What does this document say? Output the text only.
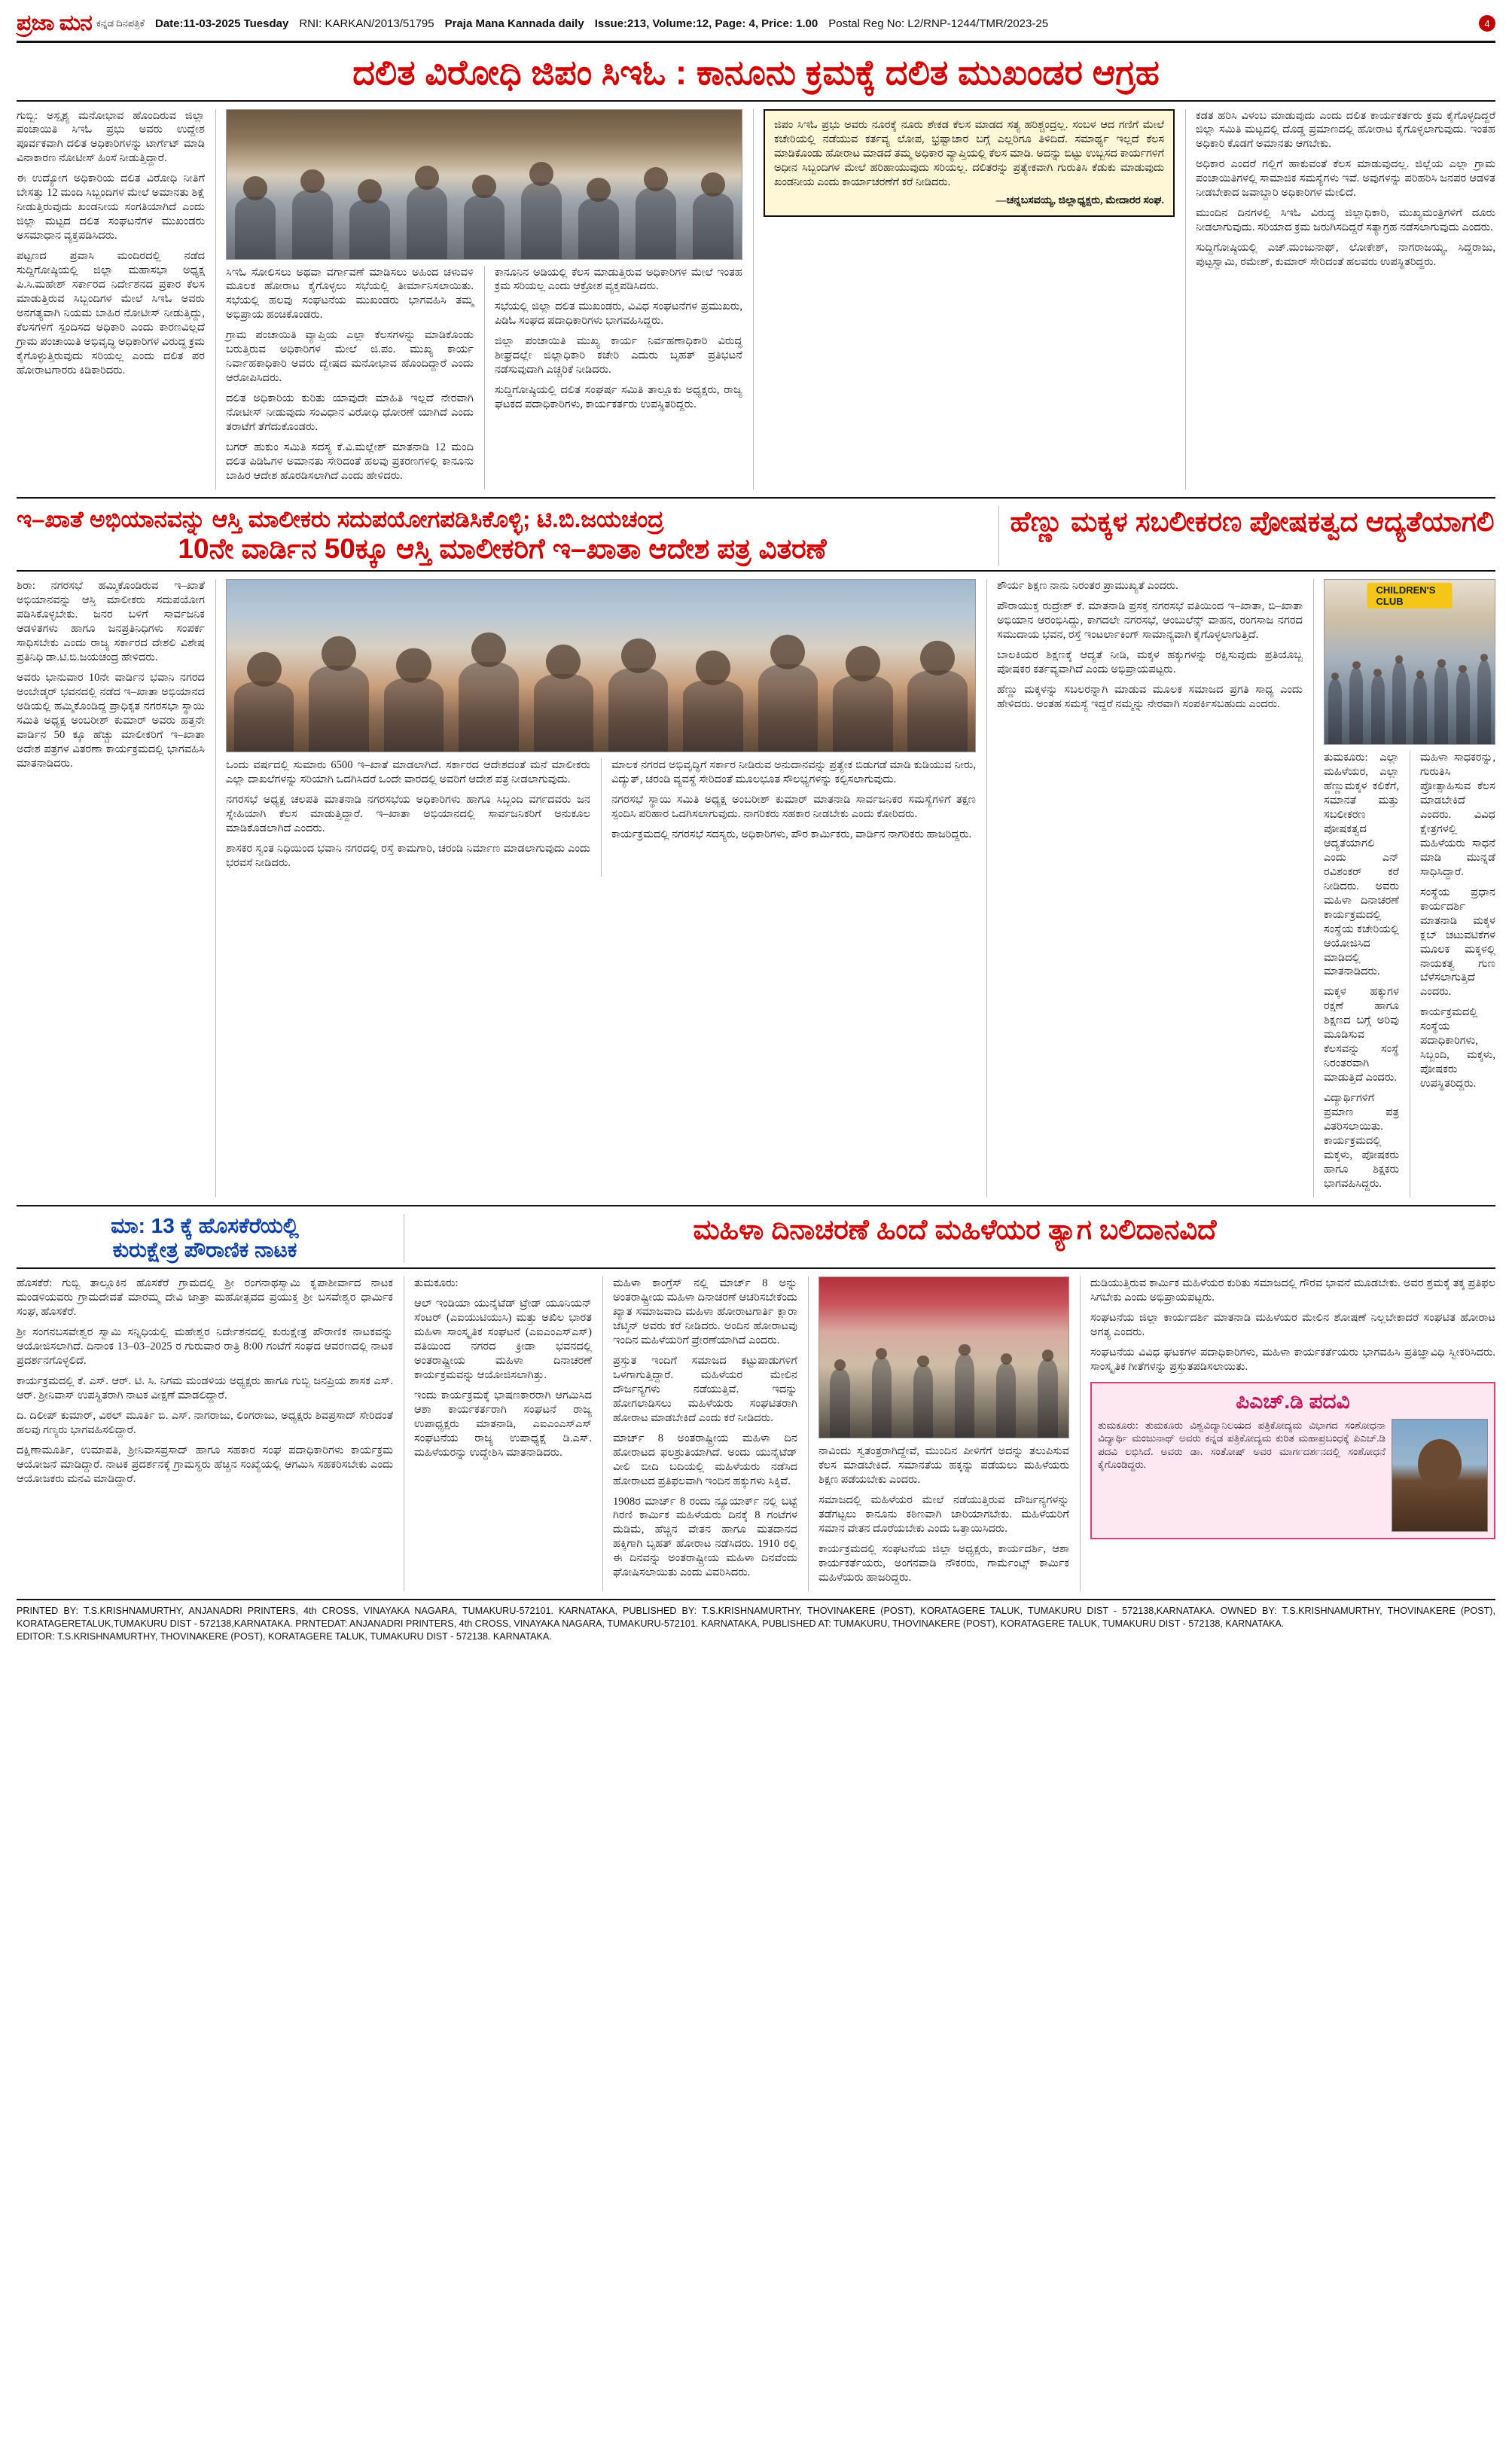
ಪ್ರಜಾ ಮನ ಕನ್ನಡ ದಿನಪತ್ರಿಕೆ Date:11-03-2025 Tuesday RNI: KARKAN/2013/51795 Praja Mana Kannada daily Issue:213, Volume:12, Page: 4, Price: 1.00 Postal Reg No: L2/RNP-1244/TMR/2023-25	4
ದಲಿತ ವಿರೋಧಿ ಜಿಪಂ ಸಿಇಓ : ಕಾನೂನು ಕ್ರಮಕ್ಕೆ ದಲಿತ ಮುಖಂಡರ ಆಗ್ರಹ

ಗುಬ್ಬಿ: ಅಸ್ಪೃಶ್ಯ ಮನೋಭಾವ ಹೊಂದಿರುವ ಜಿಲ್ಲಾ ಪಂಚಾಯಿತಿ ಸಿಇಓ ಪ್ರಭು ಅವರು ಉದ್ದೇಶ ಪೂರ್ವಕವಾಗಿ ದಲಿತ ಅಧಿಕಾರಿಗಳನ್ನು ಟಾರ್ಗೆಟ್ ಮಾಡಿ ವಿನಾಕಾರಣ ನೋಟೀಸ್ ಹಿಂಸೆ ನೀಡುತ್ತಿದ್ದಾರೆ.

ಈ ಉದ್ಯೋಗ ಅಧಿಕಾರಿಯ ದಲಿತ ವಿರೋಧಿ ನೀತಿಗೆ ಬೇಸತ್ತು 12 ಮಂದಿ ಸಿಬ್ಬಂದಿಗಳ ಮೇಲೆ ಅಮಾನತು ಶಿಕ್ಷೆ ನೀಡುತ್ತಿರುವುದು ಖಂಡನೀಯ ಸಂಗತಿಯಾಗಿದೆ ಎಂದು ಜಿಲ್ಲಾ ಮಟ್ಟದ ದಲಿತ ಸಂಘಟನೆಗಳ ಮುಖಂಡರು ಅಸಮಾಧಾನ ವ್ಯಕ್ತಪಡಿಸಿದರು.

ಪಟ್ಟಣದ ಪ್ರವಾಸಿ ಮಂದಿರದಲ್ಲಿ ನಡೆದ ಸುದ್ದಿಗೋಷ್ಠಿಯಲ್ಲಿ ಜಿಲ್ಲಾ ಮಹಾಸಭಾ ಅಧ್ಯಕ್ಷ ಪಿ.ಸಿ.ಮಹೇಶ್ ಸರ್ಕಾರದ ನಿರ್ದೇಶನದ ಪ್ರಕಾರ ಕೆಲಸ ಮಾಡುತ್ತಿರುವ ಸಿಬ್ಬಂದಿಗಳ ಮೇಲೆ ಸಿಇಓ ಅವರು ಅನಗತ್ಯವಾಗಿ ನಿಯಮ ಬಾಹಿರ ನೋಟೀಸ್ ನೀಡುತ್ತಿದ್ದು, ಕೆಲಸಗಳಿಗೆ ಸ್ಪಂದಿಸದ ಅಧಿಕಾರಿ ಎಂದು ಕಾರಣವಿಲ್ಲದೆ ಗ್ರಾಮ ಪಂಚಾಯಿತಿ ಅಭಿವೃದ್ಧಿ ಅಧಿಕಾರಿಗಳ ವಿರುದ್ಧ ಕ್ರಮ ಕೈಗೊಳ್ಳುತ್ತಿರುವುದು ಸರಿಯಲ್ಲ ಎಂದು ದಲಿತ ಪರ ಹೋರಾಟಗಾರರು ಕಿಡಿಕಾರಿದರು.

ಸಿಇಓ ಸೋಲಿಸಲು ಅಥವಾ ವರ್ಗಾವಣೆ ಮಾಡಿಸಲು ಅಹಿಂದ ಚಳುವಳಿ ಮೂಲಕ ಹೋರಾಟ ಕೈಗೊಳ್ಳಲು ಸಭೆಯಲ್ಲಿ ತೀರ್ಮಾನಿಸಲಾಯಿತು. ಸಭೆಯಲ್ಲಿ ಹಲವು ಸಂಘಟನೆಯ ಮುಖಂಡರು ಭಾಗವಹಿಸಿ ತಮ್ಮ ಅಭಿಪ್ರಾಯ ಹಂಚಿಕೊಂಡರು.

ಗ್ರಾಮ ಪಂಚಾಯಿತಿ ವ್ಯಾಪ್ತಿಯ ಎಲ್ಲಾ ಕೆಲಸಗಳನ್ನು ಮಾಡಿಕೊಂಡು ಬರುತ್ತಿರುವ ಅಧಿಕಾರಿಗಳ ಮೇಲೆ ಜಿ.ಪಂ. ಮುಖ್ಯ ಕಾರ್ಯ ನಿರ್ವಾಹಕಾಧಿಕಾರಿ ಅವರು ದ್ವೇಷದ ಮನೋಭಾವ ಹೊಂದಿದ್ದಾರೆ ಎಂದು ಆರೋಪಿಸಿದರು.

ದಲಿತ ಅಧಿಕಾರಿಯ ಕುರಿತು ಯಾವುದೇ ಮಾಹಿತಿ ಇಲ್ಲದೆ ನೇರವಾಗಿ ನೋಟೀಸ್ ನೀಡುವುದು ಸಂವಿಧಾನ ವಿರೋಧಿ ಧೋರಣೆ ಯಾಗಿದೆ ಎಂದು ತರಾಟೆಗೆ ತೆಗೆದುಕೊಂಡರು.

ಬಗರ್ ಹುಕುಂ ಸಮಿತಿ ಸದಸ್ಯ ಕೆ.ವಿ.ಮಲ್ಲೇಶ್ ಮಾತನಾಡಿ 12 ಮಂದಿ ದಲಿತ ಪಿಡಿಓಗಳ ಅಮಾನತು ಸೇರಿದಂತೆ ಹಲವು ಪ್ರಕರಣಗಳಲ್ಲಿ ಕಾನೂನು ಬಾಹಿರ ಆದೇಶ ಹೊರಡಿಸಲಾಗಿದೆ ಎಂದು ಹೇಳಿದರು.

ಕಾನೂನಿನ ಅಡಿಯಲ್ಲಿ ಕೆಲಸ ಮಾಡುತ್ತಿರುವ ಅಧಿಕಾರಿಗಳ ಮೇಲೆ ಇಂತಹ ಕ್ರಮ ಸರಿಯಲ್ಲ ಎಂದು ಆಕ್ರೋಶ ವ್ಯಕ್ತಪಡಿಸಿದರು.

ಸಭೆಯಲ್ಲಿ ಜಿಲ್ಲಾ ದಲಿತ ಮುಖಂಡರು, ವಿವಿಧ ಸಂಘಟನೆಗಳ ಪ್ರಮುಖರು, ಪಿಡಿಓ ಸಂಘದ ಪದಾಧಿಕಾರಿಗಳು ಭಾಗವಹಿಸಿದ್ದರು.

ಜಿಲ್ಲಾ ಪಂಚಾಯಿತಿ ಮುಖ್ಯ ಕಾರ್ಯ ನಿರ್ವಹಣಾಧಿಕಾರಿ ವಿರುದ್ಧ ಶೀಘ್ರದಲ್ಲೇ ಜಿಲ್ಲಾಧಿಕಾರಿ ಕಚೇರಿ ಎದುರು ಬೃಹತ್ ಪ್ರತಿಭಟನೆ ನಡೆಸುವುದಾಗಿ ಎಚ್ಚರಿಕೆ ನೀಡಿದರು.

ಸುದ್ದಿಗೋಷ್ಠಿಯಲ್ಲಿ ದಲಿತ ಸಂಘರ್ಷ ಸಮಿತಿ ತಾಲ್ಲೂಕು ಅಧ್ಯಕ್ಷರು, ರಾಜ್ಯ ಘಟಕದ ಪದಾಧಿಕಾರಿಗಳು, ಕಾರ್ಯಕರ್ತರು ಉಪಸ್ಥಿತರಿದ್ದರು.

ಜಿಪಂ ಸಿಇಓ ಪ್ರಭು ಅವರು ನೂರಕ್ಕೆ ನೂರು ಶೇಕಡ ಕೆಲಸ ಮಾಡದ ಸತ್ಯ ಹರಿಶ್ಚಂದ್ರಲ್ಲ. ಸಂಬಳ ಆದ ಗಣಿಗೆ ಮೇಲೆ ಕಚೇರಿಯಲ್ಲಿ ನಡೆಯುವ ಕರ್ತವ್ಯ ಲೋಪ, ಭ್ರಷ್ಟಾಚಾರ ಬಗ್ಗೆ ಎಲ್ಲರಿಗೂ ತಿಳಿದಿದೆ. ಸಮಾರ್ಥ್ಯ ಇಲ್ಲದೆ ಕೆಲಸ ಮಾಡಿಕೊಂಡು ಹೋರಾಟ ಮಾಡದೆ ತಮ್ಮ ಅಧಿಕಾರ ವ್ಯಾಪ್ತಿಯಲ್ಲಿ ಕೆಲಸ ಮಾಡಿ. ಅದನ್ನು ಬಿಟ್ಟು ಉಬ್ಬಸದ ಕಾರ್ಯಗಳಿಗೆ ಅಧೀನ ಸಿಬ್ಬಂದಿಗಳ ಮೇಲೆ ಹರಿಹಾಯುವುದು ಸರಿಯಲ್ಲ. ದಲಿತರನ್ನು ಪ್ರತ್ಯೇಕವಾಗಿ ಗುರುತಿಸಿ ಕೆಡುಕು ಮಾಡುವುದು ಖಂಡನೀಯ ಎಂದು ಕಾರ್ಯಾಚರಣೆಗೆ ಕರೆ ನೀಡಿದರು.
—ಚನ್ನಬಸವಯ್ಯ, ಜಿಲ್ಲಾಧ್ಯಕ್ಷರು, ಮೇದಾರರ ಸಂಘ.

ಕಡತ ಹರಿಸಿ ವಿಳಂಬ ಮಾಡುವುದು ಎಂದು ದಲಿತ ಕಾರ್ಯಕರ್ತರು ಕ್ರಮ ಕೈಗೊಳ್ಳದಿದ್ದರೆ ಜಿಲ್ಲಾ ಸಮಿತಿ ಮಟ್ಟದಲ್ಲಿ ದೊಡ್ಡ ಪ್ರಮಾಣದಲ್ಲಿ ಹೋರಾಟ ಕೈಗೊಳ್ಳಲಾಗುವುದು. ಇಂತಹ ಅಧಿಕಾರಿ ಕೊಡಗೆ ಅಮಾನತು ಆಗಬೇಕು.

ಅಧಿಕಾರ ಎಂದರೆ ಗಲ್ಲಿಗೆ ಹಾಕುವಂತೆ ಕೆಲಸ ಮಾಡುವುದಲ್ಲ. ಜಿಲ್ಲೆಯ ಎಲ್ಲಾ ಗ್ರಾಮ ಪಂಚಾಯಿತಿಗಳಲ್ಲಿ ಸಾಮಾಜಿಕ ಸಮಸ್ಯೆಗಳು ಇವೆ. ಅವುಗಳನ್ನು ಪರಿಹರಿಸಿ ಜನಪರ ಆಡಳಿತ ನೀಡಬೇಕಾದ ಜವಾಬ್ದಾರಿ ಅಧಿಕಾರಿಗಳ ಮೇಲಿದೆ.

ಮುಂದಿನ ದಿನಗಳಲ್ಲಿ ಸಿಇಓ ವಿರುದ್ಧ ಜಿಲ್ಲಾಧಿಕಾರಿ, ಮುಖ್ಯಮಂತ್ರಿಗಳಿಗೆ ದೂರು ನೀಡಲಾಗುವುದು. ಸರಿಯಾದ ಕ್ರಮ ಜರುಗಿಸದಿದ್ದರೆ ಸತ್ಯಾಗ್ರಹ ನಡೆಸಲಾಗುವುದು ಎಂದರು.

ಸುದ್ದಿಗೋಷ್ಠಿಯಲ್ಲಿ ಎಚ್.ಮಂಜುನಾಥ್, ಲೋಕೇಶ್, ನಾಗರಾಜಯ್ಯ, ಸಿದ್ದರಾಜು, ಪುಟ್ಟಸ್ವಾಮಿ, ರಮೇಶ್, ಕುಮಾರ್ ಸೇರಿದಂತೆ ಹಲವರು ಉಪಸ್ಥಿತರಿದ್ದರು.

ಇ–ಖಾತೆ ಅಭಿಯಾನವನ್ನು ಆಸ್ತಿ ಮಾಲೀಕರು ಸದುಪಯೋಗಪಡಿಸಿಕೊಳ್ಳಿ; ಟಿ.ಬಿ.ಜಯಚಂದ್ರ
10ನೇ ವಾರ್ಡಿನ 50ಕ್ಕೂ ಆಸ್ತಿ ಮಾಲೀಕರಿಗೆ ಇ–ಖಾತಾ ಆದೇಶ ಪತ್ರ ವಿತರಣೆ
ಹೆಣ್ಣು ಮಕ್ಕಳ ಸಬಲೀಕರಣ ಪೋಷಕತ್ವದ ಆದ್ಯತೆಯಾಗಲಿ

ಶಿರಾ: ನಗರಸಭೆ ಹಮ್ಮಿಕೊಂಡಿರುವ ಇ–ಖಾತೆ ಅಭಿಯಾನವನ್ನು ಆಸ್ತಿ ಮಾಲೀಕರು ಸದುಪಯೋಗ ಪಡಿಸಿಕೊಳ್ಳಬೇಕು. ಜನರ ಬಳಿಗೆ ಸಾರ್ವಜನಿಕ ಆಡಳಿತಗಳು ಹಾಗೂ ಜನಪ್ರತಿನಿಧಿಗಳು ಸಂಪರ್ಕ ಸಾಧಿಸಬೇಕು ಎಂದು ರಾಜ್ಯ ಸರ್ಕಾರದ ದೇಶಲಿ ವಿಶೇಷ ಪ್ರತಿನಿಧಿ ಡಾ.ಟಿ.ಬಿ.ಜಯಚಂದ್ರ ಹೇಳಿದರು.

ಅವರು ಭಾನುವಾರ 10ನೇ ವಾರ್ಡಿನ ಭವಾನಿ ನಗರದ ಅಂಬೇಡ್ಕರ್ ಭವನದಲ್ಲಿ ನಡೆದ ಇ–ಖಾತಾ ಅಭಿಯಾನದ ಅಡಿಯಲ್ಲಿ ಹಮ್ಮಿಕೊಂಡಿದ್ದ ಪ್ರಾಧಿಕೃತ ನಗರಸಭಾ ಸ್ಥಾಯಿ ಸಮಿತಿ ಅಧ್ಯಕ್ಷ ಅಂಬರೀಶ್ ಕುಮಾರ್ ಅವರು ಹತ್ತನೇ ವಾರ್ಡಿನ 50 ಕ್ಕೂ ಹೆಚ್ಚು ಮಾಲೀಕರಿಗೆ ಇ–ಖಾತಾ ಅದೇಶ ಪತ್ರಗಳ ವಿತರಣಾ ಕಾರ್ಯಕ್ರಮದಲ್ಲಿ ಭಾಗವಹಿಸಿ ಮಾತನಾಡಿದರು.	ಒಂದು ವರ್ಷದಲ್ಲಿ ಸುಮಾರು 6500 ಇ–ಖಾತೆ ಮಾಡಲಾಗಿದೆ. ಸರ್ಕಾರದ ಆದೇಶದಂತೆ ಮನೆ ಮಾಲೀಕರು ಎಲ್ಲಾ ದಾಖಲೆಗಳನ್ನು ಸರಿಯಾಗಿ ಒದಗಿಸಿದರೆ ಒಂದೇ ವಾರದಲ್ಲಿ ಅವರಿಗೆ ಆದೇಶ ಪತ್ರ ನೀಡಲಾಗುವುದು.

ನಗರಸಭೆ ಅಧ್ಯಕ್ಷ ಚಲಪತಿ ಮಾತನಾಡಿ ನಗರಸಭೆಯ ಅಧಿಕಾರಿಗಳು ಹಾಗೂ ಸಿಬ್ಬಂದಿ ವರ್ಗದವರು ಜನ ಸ್ನೇಹಿಯಾಗಿ ಕೆಲಸ ಮಾಡುತ್ತಿದ್ದಾರೆ. ಇ–ಖಾತಾ ಅಭಿಯಾನದಲ್ಲಿ ಸಾರ್ವಜನಿಕರಿಗೆ ಅನುಕೂಲ ಮಾಡಿಕೊಡಲಾಗಿದೆ ಎಂದರು.

ಶಾಸಕರ ಸ್ವಂತ ನಿಧಿಯಿಂದ ಭವಾನಿ ನಗರದಲ್ಲಿ ರಸ್ತೆ ಕಾಮಗಾರಿ, ಚರಂಡಿ ನಿರ್ಮಾಣ ಮಾಡಲಾಗುವುದು ಎಂದು ಭರವಸೆ ನೀಡಿದರು.

ಮಾಲಕ ನಗರದ ಅಭಿವೃದ್ಧಿಗೆ ಸರ್ಕಾರ ನೀಡಿರುವ ಅನುದಾನವನ್ನು ಪ್ರತ್ಯೇಕ ಬಿಡುಗಡೆ ಮಾಡಿ ಕುಡಿಯುವ ನೀರು, ವಿದ್ಯುತ್, ಚರಂಡಿ ವ್ಯವಸ್ಥೆ ಸೇರಿದಂತೆ ಮೂಲಭೂತ ಸೌಲಭ್ಯಗಳನ್ನು ಕಲ್ಪಿಸಲಾಗುವುದು.

ನಗರಸಭೆ ಸ್ಥಾಯಿ ಸಮಿತಿ ಅಧ್ಯಕ್ಷ ಅಂಬರೀಶ್ ಕುಮಾರ್ ಮಾತನಾಡಿ ಸಾರ್ವಜನಿಕರ ಸಮಸ್ಯೆಗಳಿಗೆ ತಕ್ಷಣ ಸ್ಪಂದಿಸಿ ಪರಿಹಾರ ಒದಗಿಸಲಾಗುವುದು. ನಾಗರಿಕರು ಸಹಕಾರ ನೀಡಬೇಕು ಎಂದು ಕೋರಿದರು.

ಕಾರ್ಯಕ್ರಮದಲ್ಲಿ ನಗರಸಭೆ ಸದಸ್ಯರು, ಅಧಿಕಾರಿಗಳು, ಪೌರ ಕಾರ್ಮಿಕರು, ವಾರ್ಡಿನ ನಾಗರಿಕರು ಹಾಜರಿದ್ದರು.

ಶೌರ್ಯ ಶಿಕ್ಷಣ ನಾನು ನಿರಂತರ ಪ್ರಾಮುಖ್ಯತೆ ಎಂದರು.

ಪೌರಾಯುಕ್ತ ರುದ್ರೇಶ್ ಕೆ. ಮಾತನಾಡಿ ಪ್ರಸಕ್ತ ನಗರಸಭೆ ವತಿಯಿಂದ ಇ–ಖಾತಾ, ಬಿ–ಖಾತಾ ಅಭಿಯಾನ ಆರಂಭಿಸಿದ್ದು, ಕಾಗದಲೇ ನಗರಸಭೆ, ಆಂಬುಲೆನ್ಸ್ ವಾಹನ, ರಂಗಸಾಜ ನಗರದ ಸಮುದಾಯ ಭವನ, ರಸ್ತೆ ಇಂಟರ್ಲಾಕಿಂಗ್ ಸಾಮಾನ್ಯವಾಗಿ ಕೈಗೊಳ್ಳಲಾಗುತ್ತಿದೆ.

ಬಾಲಕಿಯರ ಶಿಕ್ಷಣಕ್ಕೆ ಆದ್ಯತೆ ನೀಡಿ, ಮಕ್ಕಳ ಹಕ್ಕುಗಳನ್ನು ರಕ್ಷಿಸುವುದು ಪ್ರತಿಯೊಬ್ಬ ಪೋಷಕರ ಕರ್ತವ್ಯವಾಗಿದೆ ಎಂದು ಅಭಿಪ್ರಾಯಪಟ್ಟರು.

ಹೆಣ್ಣು ಮಕ್ಕಳನ್ನು ಸಬಲರನ್ನಾಗಿ ಮಾಡುವ ಮೂಲಕ ಸಮಾಜದ ಪ್ರಗತಿ ಸಾಧ್ಯ ಎಂದು ಹೇಳಿದರು. ಅಂತಹ ಸಮಸ್ಯೆ ಇದ್ದರೆ ನಮ್ಮನ್ನು ನೇರವಾಗಿ ಸಂಪರ್ಕಿಸಬಹುದು ಎಂದರು.

CHILDREN'S CLUB

ತುಮಕೂರು: ಎಲ್ಲಾ ಮಹಿಳೆಯರ, ಎಲ್ಲಾ ಹೆಣ್ಣುಮಕ್ಕಳ ಕಲಿಕೆಗೆ, ಸಮಾನತೆ ಮತ್ತು ಸಬಲೀಕರಣ ಪೋಷಕತ್ವದ ಆದ್ಯತೆಯಾಗಲಿ ಎಂದು ಎನ್ ರವಿಶಂಕರ್ ಕರೆ ನೀಡಿದರು. ಅವರು ಮಹಿಳಾ ದಿನಾಚರಣೆ ಕಾರ್ಯಕ್ರಮದಲ್ಲಿ ಸಂಸ್ಥೆಯ ಕಚೇರಿಯಲ್ಲಿ ಆಯೋಜಿಸಿದ ಮಾಡಿದಲ್ಲಿ ಮಾತನಾಡಿದರು.

ಮಕ್ಕಳ ಹಕ್ಕುಗಳ ರಕ್ಷಣೆ ಹಾಗೂ ಶಿಕ್ಷಣದ ಬಗ್ಗೆ ಅರಿವು ಮೂಡಿಸುವ ಕೆಲಸವನ್ನು ಸಂಸ್ಥೆ ನಿರಂತರವಾಗಿ ಮಾಡುತ್ತಿದೆ ಎಂದರು.

ವಿದ್ಯಾರ್ಥಿಗಳಿಗೆ ಪ್ರಮಾಣ ಪತ್ರ ವಿತರಿಸಲಾಯಿತು. ಕಾರ್ಯಕ್ರಮದಲ್ಲಿ ಮಕ್ಕಳು, ಪೋಷಕರು ಹಾಗೂ ಶಿಕ್ಷಕರು ಭಾಗವಹಿಸಿದ್ದರು.

ಮಹಿಳಾ ಸಾಧಕರನ್ನು, ಗುರುತಿಸಿ ಪ್ರೋತ್ಸಾಹಿಸುವ ಕೆಲಸ ಮಾಡಬೇಕಿದೆ ಎಂದರು. ವಿವಿಧ ಕ್ಷೇತ್ರಗಳಲ್ಲಿ ಮಹಿಳೆಯರು ಸಾಧನೆ ಮಾಡಿ ಮುನ್ನಡೆ ಸಾಧಿಸಿದ್ದಾರೆ.

ಸಂಸ್ಥೆಯ ಪ್ರಧಾನ ಕಾರ್ಯದರ್ಶಿ ಮಾತನಾಡಿ ಮಕ್ಕಳ ಕ್ಲಬ್ ಚಟುವಟಿಕೆಗಳ ಮೂಲಕ ಮಕ್ಕಳಲ್ಲಿ ನಾಯಕತ್ವ ಗುಣ ಬೆಳೆಸಲಾಗುತ್ತಿದೆ ಎಂದರು.

ಕಾರ್ಯಕ್ರಮದಲ್ಲಿ ಸಂಸ್ಥೆಯ ಪದಾಧಿಕಾರಿಗಳು, ಸಿಬ್ಬಂದಿ, ಮಕ್ಕಳು, ಪೋಷಕರು ಉಪಸ್ಥಿತರಿದ್ದರು.

ಮಾ: 13 ಕ್ಕೆ ಹೊಸಕೆರೆಯಲ್ಲಿ
ಕುರುಕ್ಷೇತ್ರ ಪೌರಾಣಿಕ ನಾಟಕ
ಮಹಿಳಾ ದಿನಾಚರಣೆ ಹಿಂದೆ ಮಹಿಳೆಯರ ತ್ಯಾಗ ಬಲಿದಾನವಿದೆ

ಹೊಸಕೆರೆ: ಗುಬ್ಬಿ ತಾಲ್ಲೂಕಿನ ಹೊಸಕೆರೆ ಗ್ರಾಮದಲ್ಲಿ ಶ್ರೀ ರಂಗನಾಥಸ್ವಾಮಿ ಕೃಪಾಶೀರ್ವಾದ ನಾಟಕ ಮಂಡಳಿಯವರು ಗ್ರಾಮದೇವತೆ ಮಾರಮ್ಮ ದೇವಿ ಜಾತ್ರಾ ಮಹೋತ್ಸವದ ಪ್ರಯುಕ್ತ ಶ್ರೀ ಬಸವೇಶ್ವರ ಧಾರ್ಮಿಕ ಸಂಘ, ಹೊಸಕೆರೆ.

ಶ್ರೀ ಸಂಗನಬಸವೇಶ್ವರ ಸ್ವಾಮಿ ಸನ್ನಿಧಿಯಲ್ಲಿ ಮಹೇಶ್ವರ ನಿರ್ದೇಶನದಲ್ಲಿ ಕುರುಕ್ಷೇತ್ರ ಪೌರಾಣಿಕ ನಾಟಕವನ್ನು ಆಯೋಜಿಸಲಾಗಿದೆ. ದಿನಾಂಕ 13–03–2025 ರ ಗುರುವಾರ ರಾತ್ರಿ 8:00 ಗಂಟೆಗೆ ಸಂಘದ ಆವರಣದಲ್ಲಿ ನಾಟಕ ಪ್ರದರ್ಶನಗೊಳ್ಳಲಿದೆ.

ಕಾರ್ಯಕ್ರಮದಲ್ಲಿ ಕೆ. ಎಸ್. ಆರ್. ಟಿ. ಸಿ. ನಿಗಮ ಮಂಡಳಿಯ ಅಧ್ಯಕ್ಷರು ಹಾಗೂ ಗುಬ್ಬಿ ಜನಪ್ರಿಯ ಶಾಸಕ ಎಸ್. ಆರ್. ಶ್ರೀನಿವಾಸ್ ಉಪಸ್ಥಿತರಾಗಿ ನಾಟಕ ವೀಕ್ಷಣೆ ಮಾಡಲಿದ್ದಾರೆ.

ದಿ. ದಿಲೀಪ್ ಕುಮಾರ್, ವಿಠಲ್ ಮೂರ್ತಿ ಬಿ. ಎಸ್. ನಾಗರಾಜು, ಲಿಂಗರಾಜು, ಅಧ್ಯಕ್ಷರು ಶಿವಪ್ರಸಾದ್ ಸೇರಿದಂತೆ ಹಲವು ಗಣ್ಯರು ಭಾಗವಹಿಸಲಿದ್ದಾರೆ.

ದಕ್ಷಿಣಾಮೂರ್ತಿ, ಉಮಾಪತಿ, ಶ್ರೀನಿವಾಸಪ್ರಸಾದ್ ಹಾಗೂ ಸಹಕಾರ ಸಂಘ ಪದಾಧಿಕಾರಿಗಳು ಕಾರ್ಯಕ್ರಮ ಆಯೋಜನೆ ಮಾಡಿದ್ದಾರೆ. ನಾಟಕ ಪ್ರದರ್ಶನಕ್ಕೆ ಗ್ರಾಮಸ್ಥರು ಹೆಚ್ಚಿನ ಸಂಖ್ಯೆಯಲ್ಲಿ ಆಗಮಿಸಿ ಸಹಕರಿಸಬೇಕು ಎಂದು ಆಯೋಜಕರು ಮನವಿ ಮಾಡಿದ್ದಾರೆ.

ತುಮಕೂರು:

ಆಲ್ ಇಂಡಿಯಾ ಯುನೈಟೆಡ್ ಟ್ರೇಡ್ ಯೂನಿಯನ್ ಸೆಂಟರ್ (ಎಐಯುಟಿಯುಸಿ) ಮತ್ತು ಅಖಿಲ ಭಾರತ ಮಹಿಳಾ ಸಾಂಸ್ಕೃತಿಕ ಸಂಘಟನೆ (ಎಐಎಂಎಸ್ಎಸ್) ವತಿಯಿಂದ ನಗರದ ಕ್ರೀಡಾ ಭವನದಲ್ಲಿ ಅಂತರಾಷ್ಟ್ರೀಯ ಮಹಿಳಾ ದಿನಾಚರಣೆ ಕಾರ್ಯಕ್ರಮವನ್ನು ಆಯೋಜಿಸಲಾಗಿತ್ತು.

ಇಂದು ಕಾರ್ಯಕ್ರಮಕ್ಕೆ ಭಾಷಣಕಾರರಾಗಿ ಆಗಮಿಸಿದ ಆಶಾ ಕಾರ್ಯಕರ್ತರಾಗಿ ಸಂಘಟನೆ ರಾಜ್ಯ ಉಪಾಧ್ಯಕ್ಷರು ಮಾತನಾಡಿ, ಎಐಎಂಎಸ್ಎಸ್ ಸಂಘಟನೆಯ ರಾಜ್ಯ ಉಪಾಧ್ಯಕ್ಷೆ ಡಿ.ಎಸ್. ಮಹಿಳೆಯರನ್ನು ಉದ್ದೇಶಿಸಿ ಮಾತನಾಡಿದರು.

ಮಹಿಳಾ ಕಾಂಗ್ರೆಸ್ ನಲ್ಲಿ ಮಾರ್ಚ್ 8 ಅನ್ನು ಅಂತರಾಷ್ಟ್ರೀಯ ಮಹಿಳಾ ದಿನಾಚರಣೆ ಆಚರಿಸಬೇಕೆಂದು ಖ್ಯಾತ ಸಮಾಜವಾದಿ ಮಹಿಳಾ ಹೋರಾಟಗಾರ್ತಿ ಕ್ಲಾರಾ ಜೆಟ್ಕಿನ್ ಅವರು ಕರೆ ನೀಡಿದರು. ಅಂದಿನ ಹೋರಾಟವು ಇಂದಿನ ಮಹಿಳೆಯರಿಗೆ ಪ್ರೇರಣೆಯಾಗಿದೆ ಎಂದರು.

ಪ್ರಸ್ತುತ ಇಂದಿಗೆ ಸಮಾಜದ ಕಟ್ಟುಪಾಡುಗಳಿಗೆ ಒಳಗಾಗುತ್ತಿದ್ದಾರೆ. ಮಹಿಳೆಯರ ಮೇಲಿನ ದೌರ್ಜನ್ಯಗಳು ನಡೆಯುತ್ತಿವೆ. ಇದನ್ನು ಹೋಗಲಾಡಿಸಲು ಮಹಿಳೆಯರು ಸಂಘಟಿತರಾಗಿ ಹೋರಾಟ ಮಾಡಬೇಕಿದೆ ಎಂದು ಕರೆ ನೀಡಿದರು.

ಮಾರ್ಚ್ 8 ಅಂತರಾಷ್ಟ್ರೀಯ ಮಹಿಳಾ ದಿನ ಹೋರಾಟದ ಫಲಶ್ರುತಿಯಾಗಿದೆ. ಅಂದು ಯುನೈಟೆಡ್ ವೀಲಿ ಬೀದಿ ಬದಿಯಲ್ಲಿ ಮಹಿಳೆಯರು ನಡೆಸಿದ ಹೋರಾಟದ ಪ್ರತಿಫಲವಾಗಿ ಇಂದಿನ ಹಕ್ಕುಗಳು ಸಿಕ್ಕಿವೆ.

1908ರ ಮಾರ್ಚ್ 8 ರಂದು ನ್ಯೂಯಾರ್ಕ್ ನಲ್ಲಿ ಬಟ್ಟೆ ಗಿರಣಿ ಕಾರ್ಮಿಕ ಮಹಿಳೆಯರು ದಿನಕ್ಕೆ 8 ಗಂಟೆಗಳ ದುಡಿಮೆ, ಹೆಚ್ಚಿನ ವೇತನ ಹಾಗೂ ಮತದಾನದ ಹಕ್ಕಿಗಾಗಿ ಬೃಹತ್ ಹೋರಾಟ ನಡೆಸಿದರು. 1910 ರಲ್ಲಿ ಈ ದಿನವನ್ನು ಅಂತರಾಷ್ಟ್ರೀಯ ಮಹಿಳಾ ದಿನವೆಂದು ಘೋಷಿಸಲಾಯಿತು ಎಂದು ವಿವರಿಸಿದರು.

ನಾವಿಂದು ಸ್ವತಂತ್ರರಾಗಿದ್ದೇವೆ, ಮುಂದಿನ ಪೀಳಿಗೆಗೆ ಅದನ್ನು ತಲುಪಿಸುವ ಕೆಲಸ ಮಾಡಬೇಕಿದೆ. ಸಮಾನತೆಯ ಹಕ್ಕನ್ನು ಪಡೆಯಲು ಮಹಿಳೆಯರು ಶಿಕ್ಷಣ ಪಡೆಯಬೇಕು ಎಂದರು.

ಸಮಾಜದಲ್ಲಿ ಮಹಿಳೆಯರ ಮೇಲೆ ನಡೆಯುತ್ತಿರುವ ದೌರ್ಜನ್ಯಗಳನ್ನು ತಡೆಗಟ್ಟಲು ಕಾನೂನು ಕಠಿಣವಾಗಿ ಜಾರಿಯಾಗಬೇಕು. ಮಹಿಳೆಯರಿಗೆ ಸಮಾನ ವೇತನ ದೊರೆಯಬೇಕು ಎಂದು ಒತ್ತಾಯಿಸಿದರು.

ಕಾರ್ಯಕ್ರಮದಲ್ಲಿ ಸಂಘಟನೆಯ ಜಿಲ್ಲಾ ಅಧ್ಯಕ್ಷರು, ಕಾರ್ಯದರ್ಶಿ, ಆಶಾ ಕಾರ್ಯಕರ್ತೆಯರು, ಅಂಗನವಾಡಿ ನೌಕರರು, ಗಾರ್ಮೆಂಟ್ಸ್ ಕಾರ್ಮಿಕ ಮಹಿಳೆಯರು ಹಾಜರಿದ್ದರು.

ದುಡಿಯುತ್ತಿರುವ ಕಾರ್ಮಿಕ ಮಹಿಳೆಯರ ಕುರಿತು ಸಮಾಜದಲ್ಲಿ ಗೌರವ ಭಾವನೆ ಮೂಡಬೇಕು. ಅವರ ಶ್ರಮಕ್ಕೆ ತಕ್ಕ ಪ್ರತಿಫಲ ಸಿಗಬೇಕು ಎಂದು ಅಭಿಪ್ರಾಯಪಟ್ಟರು.

ಸಂಘಟನೆಯ ಜಿಲ್ಲಾ ಕಾರ್ಯದರ್ಶಿ ಮಾತನಾಡಿ ಮಹಿಳೆಯರ ಮೇಲಿನ ಶೋಷಣೆ ನಿಲ್ಲಬೇಕಾದರೆ ಸಂಘಟಿತ ಹೋರಾಟ ಅಗತ್ಯ ಎಂದರು.

ಸಂಘಟನೆಯ ವಿವಿಧ ಘಟಕಗಳ ಪದಾಧಿಕಾರಿಗಳು, ಮಹಿಳಾ ಕಾರ್ಯಕರ್ತೆಯರು ಭಾಗವಹಿಸಿ ಪ್ರತಿಜ್ಞಾವಿಧಿ ಸ್ವೀಕರಿಸಿದರು. ಸಾಂಸ್ಕೃತಿಕ ಗೀತೆಗಳನ್ನು ಪ್ರಸ್ತುತಪಡಿಸಲಾಯಿತು.

ಪಿಎಚ್.ಡಿ ಪದವಿ
ತುಮಕೂರು: ತುಮಕೂರು ವಿಶ್ವವಿದ್ಯಾನಿಲಯದ ಪತ್ರಿಕೋದ್ಯಮ ವಿಭಾಗದ ಸಂಶೋಧನಾ ವಿದ್ಯಾರ್ಥಿ ಮಂಜುನಾಥ್ ಅವರು ಕನ್ನಡ ಪತ್ರಿಕೋದ್ಯಮ ಕುರಿತ ಮಹಾಪ್ರಬಂಧಕ್ಕೆ ಪಿಎಚ್.ಡಿ ಪದವಿ ಲಭಿಸಿದೆ. ಅವರು ಡಾ. ಸಂತೋಷ್ ಅವರ ಮಾರ್ಗದರ್ಶನದಲ್ಲಿ ಸಂಶೋಧನೆ ಕೈಗೊಂಡಿದ್ದರು.
PRINTED BY: T.S.KRISHNAMURTHY, ANJANADRI PRINTERS, 4th CROSS, VINAYAKA NAGARA, TUMAKURU-572101. KARNATAKA, PUBLISHED BY: T.S.KRISHNAMURTHY, THOVINAKERE (POST), KORATAGERE TALUK, TUMAKURU DIST - 572138,KARNATAKA. OWNED BY: T.S.KRISHNAMURTHY, THOVINAKERE (POST), KORATAGERETALUK,TUMAKURU DIST - 572138,KARNATAKA. PRNTEDAT: ANJANADRI PRINTERS, 4th CROSS, VINAYAKA NAGARA, TUMAKURU-572101. KARNATAKA, PUBLISHED AT: TUMAKURU, THOVINAKERE (POST), KORATAGERE TALUK, TUMAKURU DIST - 572138, KARNATAKA.
EDITOR: T.S.KRISHNAMURTHY, THOVINAKERE (POST), KORATAGERE TALUK, TUMAKURU DIST - 572138. KARNATAKA.
